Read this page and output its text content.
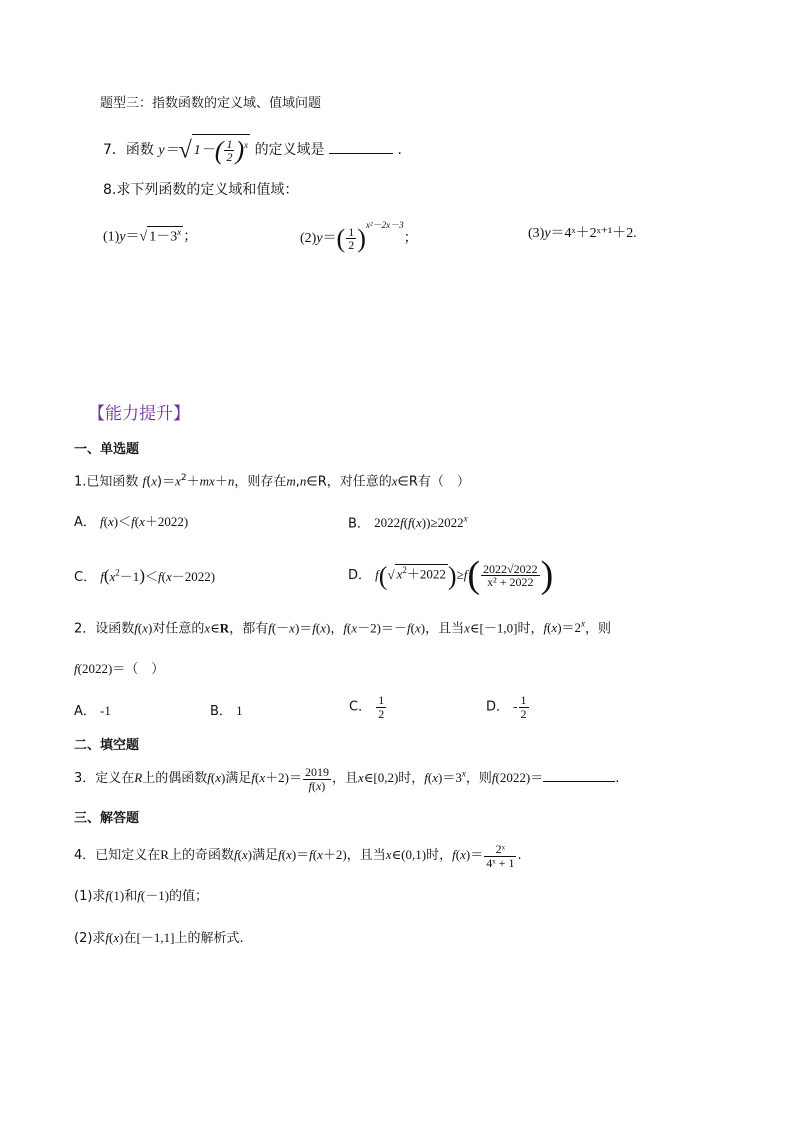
题型三：指数函数的定义域、值域问题
7．函数 y＝√ $1-( \frac{1}{2} )^x$ 的定义域是	.
8.求下列函数的定义域和值域：
(1)y＝√ $1-3^x$ ；	$(2)y=( \frac{1}{2} )^{x^2-2x-3}$；	(3)y＝4ˣ＋2ˣ⁺¹＋2.
【能力提升】
一、单选题
1.已知函数 $f(x)=x^2+mx+n$，则存在m,n∈R，对任意的x∈R有（　）
A． f(x)＜f(x＋2022)	B． $2022f(f(x))\ge 2022^x$
C． $f(x^2-1)<f(x-2022)$	D． f(√ $x^2+2022)\ge f( \frac{2022√2022}{\text{x² + 2022}}$ )
2．设函数f(x)对任意的x∈R，都有f(－x)＝f(x)，f(x－2)＝－f(x)，且当x∈[－1,0]时，$f(x)=2^x$，则
f(2022)＝（　）
A． -1	B． 1	C． $\frac{1}{2}$	D． - $\frac{1}{2}$
二、填空题
3．定义在R上的偶函数f(x)满足$f(x+2)= \frac{2019}{f(x)}$ ，且x∈[0,2)时，$f(x)=3^x$，则f(2022)＝	.
三、解答题
4．已知定义在R上的奇函数f(x)满足f(x)＝f(x＋2)，且当x∈(0,1)时，$f(x)= \frac{\text{2ˣ}}{\text{4ˣ + 1}}$ .
(1)求f(1)和f(－1)的值；
(2)求f(x)在[－1,1]上的解析式.
